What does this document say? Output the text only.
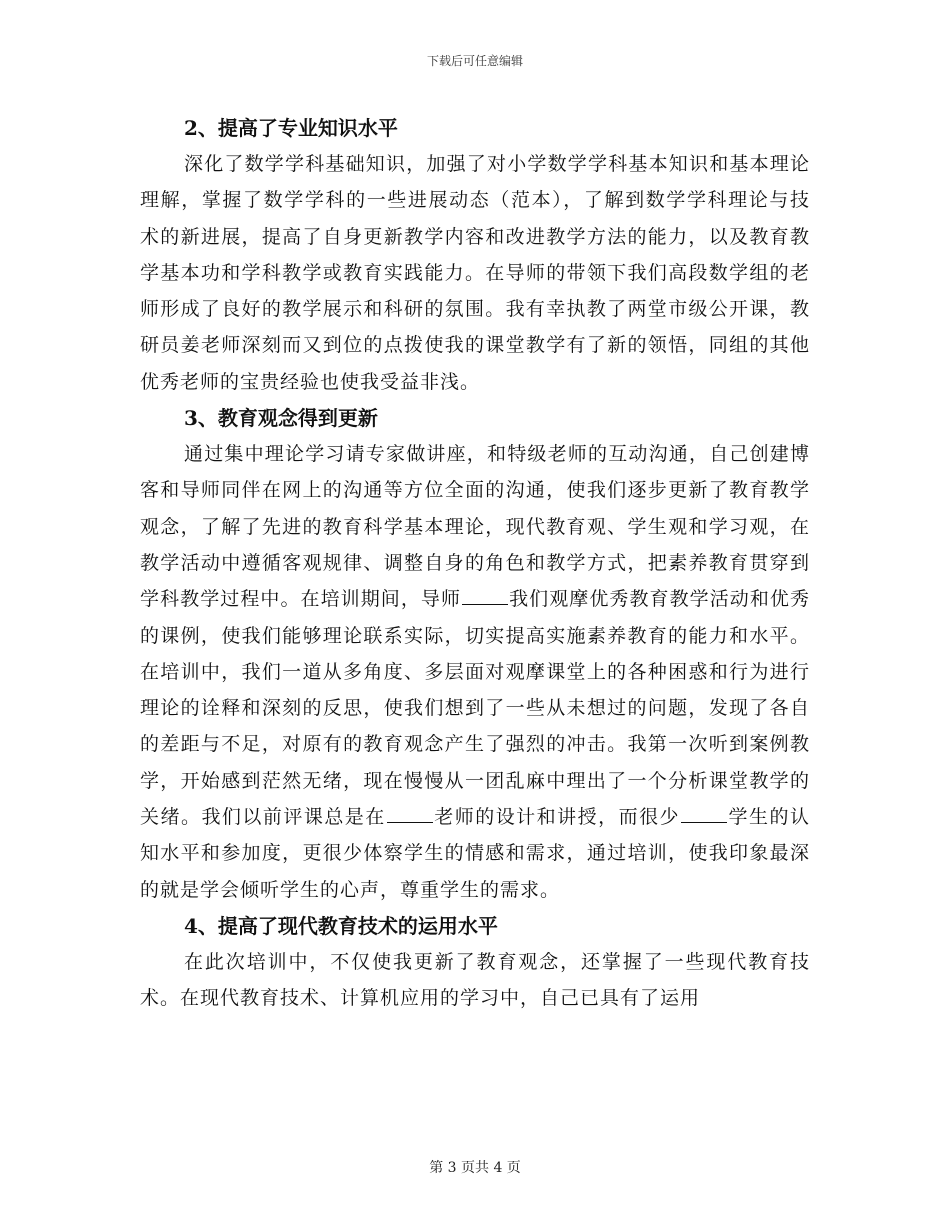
下载后可任意编辑
2、提高了专业知识水平

深化了数学学科基础知识，加强了对小学数学学科基本知识和基本理论理解，掌握了数学学科的一些进展动态（范本），了解到数学学科理论与技术的新进展，提高了自身更新教学内容和改进教学方法的能力，以及教育教学基本功和学科教学或教育实践能力。在导师的带领下我们高段数学组的老师形成了良好的教学展示和科研的氛围。我有幸执教了两堂市级公开课，教研员姜老师深刻而又到位的点拨使我的课堂教学有了新的领悟，同组的其他优秀老师的宝贵经验也使我受益非浅。

3、教育观念得到更新

通过集中理论学习请专家做讲座，和特级老师的互动沟通，自己创建博客和导师同伴在网上的沟通等方位全面的沟通，使我们逐步更新了教育教学观念，了解了先进的教育科学基本理论，现代教育观、学生观和学习观，在教学活动中遵循客观规律、调整自身的角色和教学方式，把素养教育贯穿到学科教学过程中。在培训期间，导师	我们观摩优秀教育教学活动和优秀的课例，使我们能够理论联系实际，切实提高实施素养教育的能力和水平。在培训中，我们一道从多角度、多层面对观摩课堂上的各种困惑和行为进行理论的诠释和深刻的反思，使我们想到了一些从未想过的问题，发现了各自的差距与不足，对原有的教育观念产生了强烈的冲击。我第一次听到案例教学，开始感到茫然无绪，现在慢慢从一团乱麻中理出了一个分析课堂教学的关绪。我们以前评课总是在	老师的设计和讲授，而很少	学生的认知水平和参加度，更很少体察学生的情感和需求，通过培训，使我印象最深的就是学会倾听学生的心声，尊重学生的需求。

4、提高了现代教育技术的运用水平

在此次培训中，不仅使我更新了教育观念，还掌握了一些现代教育技术。在现代教育技术、计算机应用的学习中，自己已具有了运用

第 3 页共 4 页
